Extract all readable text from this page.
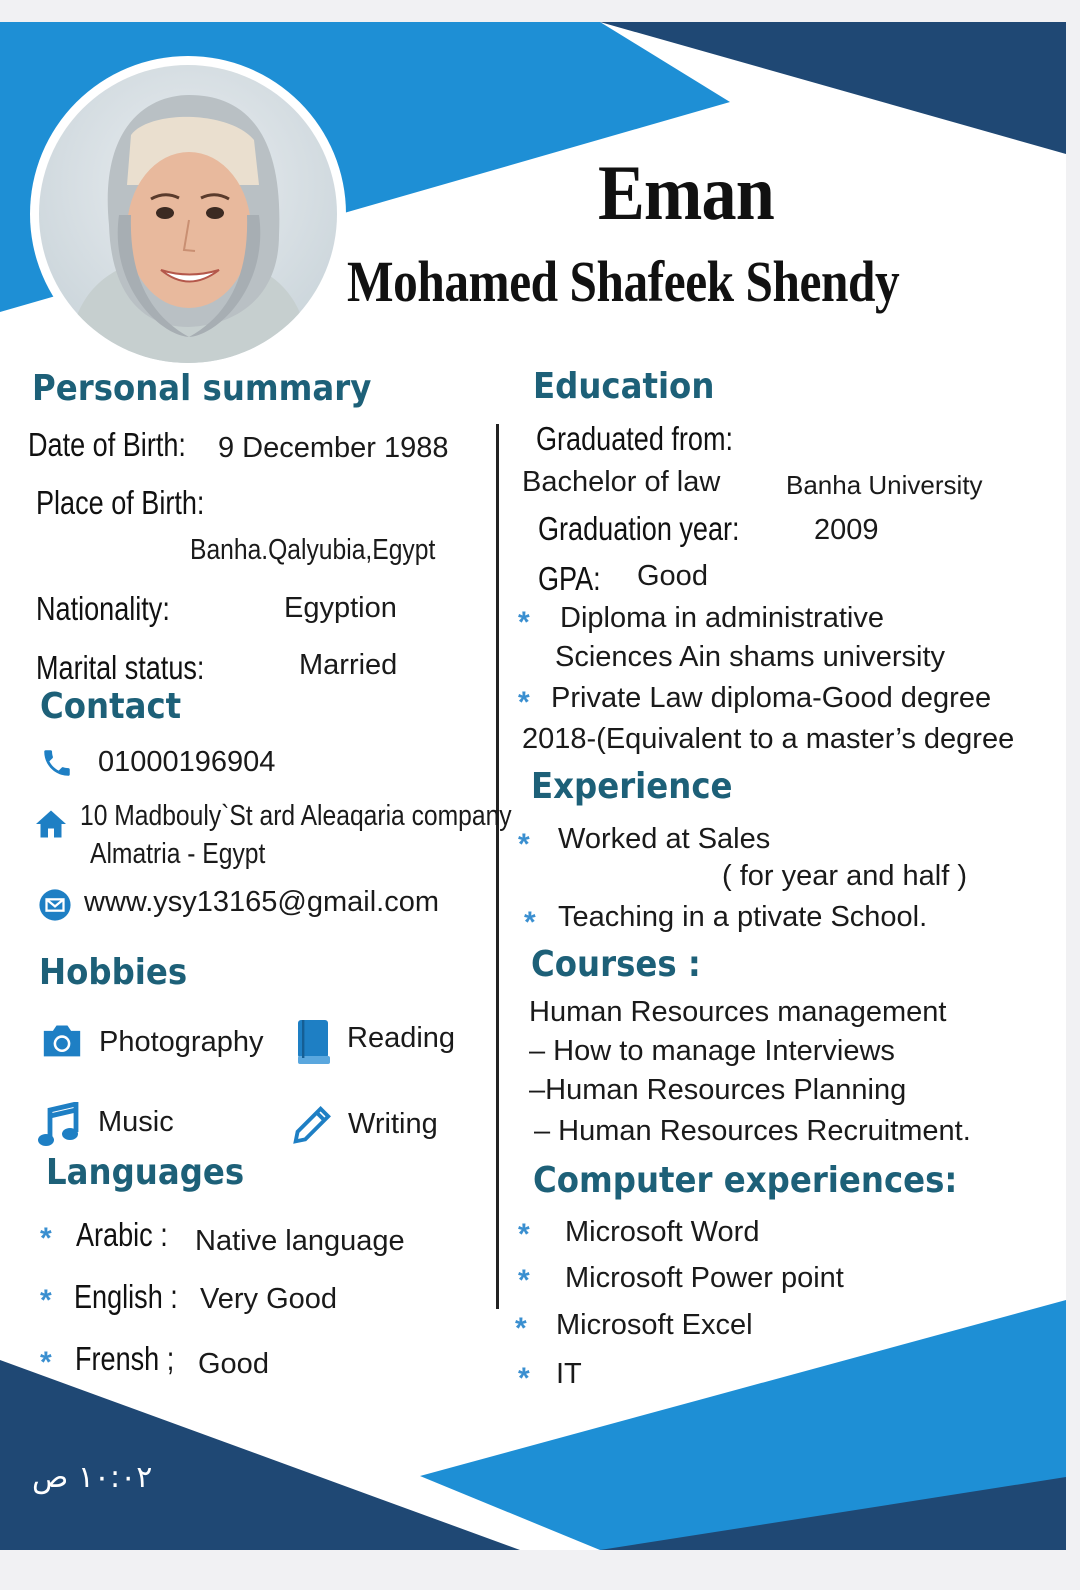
Eman
Mohamed Shafeek Shendy
Personal summary
Date of Birth: 9 December 1988
Place of Birth:
Banha.Qalyubia,Egypt
Nationality:	Egyption
Marital status:	Married
Contact
01000196904
10 Madbouly`St ard Aleaqaria company
Almatria - Egypt
www.ysy13165@gmail.com
Hobbies
Photography	Reading
Music	Writing
Languages
* Arabic : Native language
* English : Very Good
* Frensh ; Good
Education
Graduated from:
Bachelor of law	Banha University
Graduation year:	2009
GPA: Good
* Diploma in administrative
Sciences Ain shams university
* Private Law diploma-Good degree
2018-(Equivalent to a master’s degree
Experience
* Worked at Sales
( for year and half )
* Teaching in a ptivate School.
Courses :
Human Resources management
– How to manage Interviews
–Human Resources Planning
– Human Resources Recruitment.
Computer experiences:
* Microsoft Word
* Microsoft Power point
* Microsoft Excel
* IT
١٠:٠٢ ص
